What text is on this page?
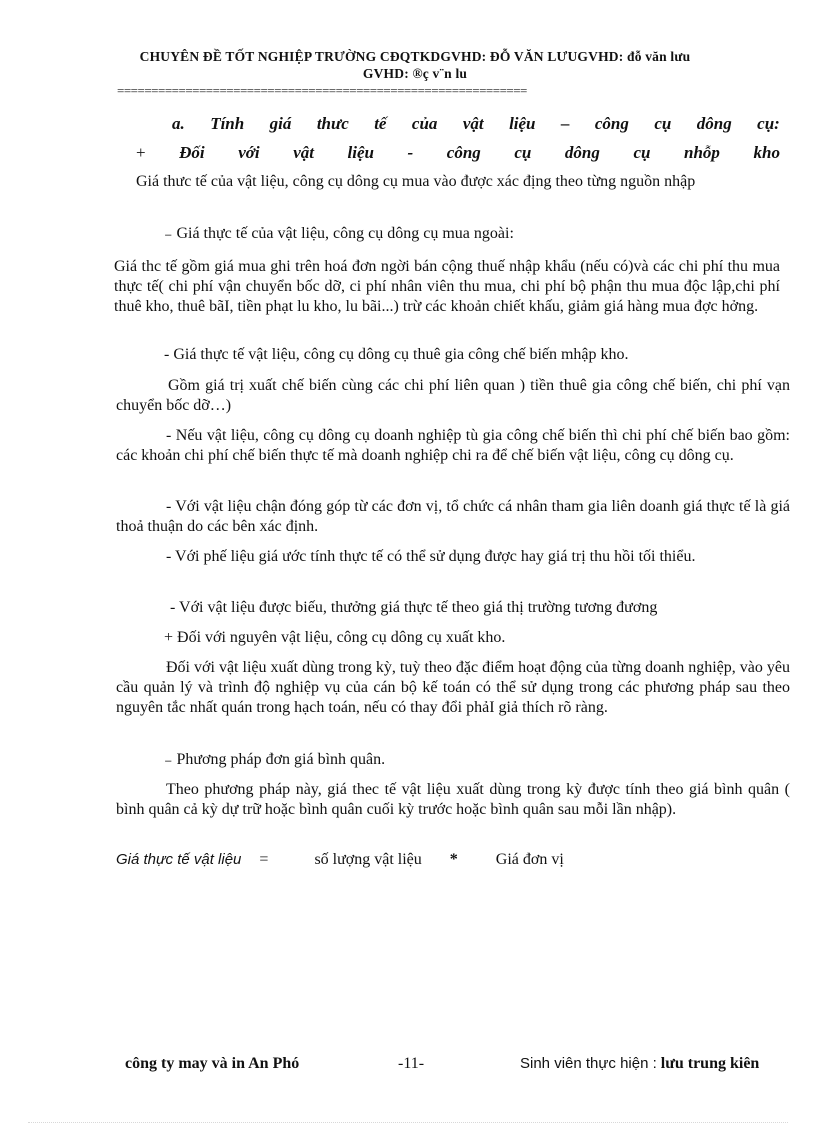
CHUYÊN ĐỀ TỐT NGHIỆP TRƯỜNG CĐQTKDGVHD: ĐỖ VĂN LƯUGVHD: đỗ văn lưu
GVHD: ®ç v¨n lu
============================================================
a. Tính giá thưc tế của vật liệu – công cụ dông cụ:
+ Đối với vật liệu - công cụ dông cụ nhỗp kho
Giá thưc tế của vật liệu, công cụ dông cụ mua vào được xác địng theo từng nguồn nhập
₋ Giá thực tế của vật liệu, công cụ dông cụ mua ngoài:
Giá thc tế gồm giá mua ghi trên hoá đơn ngời bán cộng thuế nhập khẩu (nếu có)và các chi phí thu mua thực tế( chi phí vận chuyển bốc dỡ, ci phí nhân viên thu mua, chi phí bộ phận thu mua độc lập,chi phí thuê kho, thuê bãI, tiền phạt lu kho, lu bãi...) trừ các khoản chiết khấu, giảm giá hàng mua đợc hởng.
- Giá thực tế vật liệu, công cụ dông cụ thuê gia công chế biến mhập kho.
Gồm giá trị xuất chế biến cùng các chi phí liên quan ) tiền thuê gia công chế biến, chi phí vạn chuyển bốc dỡ…)
- Nếu vật liệu, công cụ dông cụ doanh nghiệp tù gia công chế biến thì chi phí chế biến bao gồm: các khoản chi phí chế biến thực tế mà doanh nghiệp chi ra để chế biến vật liệu, công cụ dông cụ.
- Với vật liệu chận đóng góp từ các đơn vị, tổ chức cá nhân tham gia liên doanh giá thực tế là giá thoả thuận do các bên xác định.
- Với phế liệu giá ước tính thực tế có thể sử dụng được hay giá trị thu hồi tối thiểu.
- Với vật liệu được biếu, thưởng giá thực tế theo giá thị trường tương đương
+ Đối với nguyên vật liệu, công cụ dông cụ xuất kho.
Đối với vật liệu xuất dùng trong kỳ, tuỳ theo đặc điểm hoạt động của từng doanh nghiệp, vào yêu cầu quản lý và trình độ nghiệp vụ của cán bộ kế toán có thể sử dụng trong các phương pháp sau theo nguyên tắc nhất quán trong hạch toán, nếu có thay đổi phảI giả thích rõ ràng.
₋ Phương pháp đơn giá bình quân.
Theo phương pháp này, giá thec tế vật liệu xuất dùng trong kỳ được tính theo giá bình quân ( bình quân cả kỳ dự trữ hoặc bình quân cuối kỳ trước hoặc bình quân sau mỗi lần nhập).
Giá thực tế vật liệu =	số lượng vật liệu * Giá đơn vị
công ty may và in An Phó	-11-	Sinh viên thực hiện : lưu trung kiên
